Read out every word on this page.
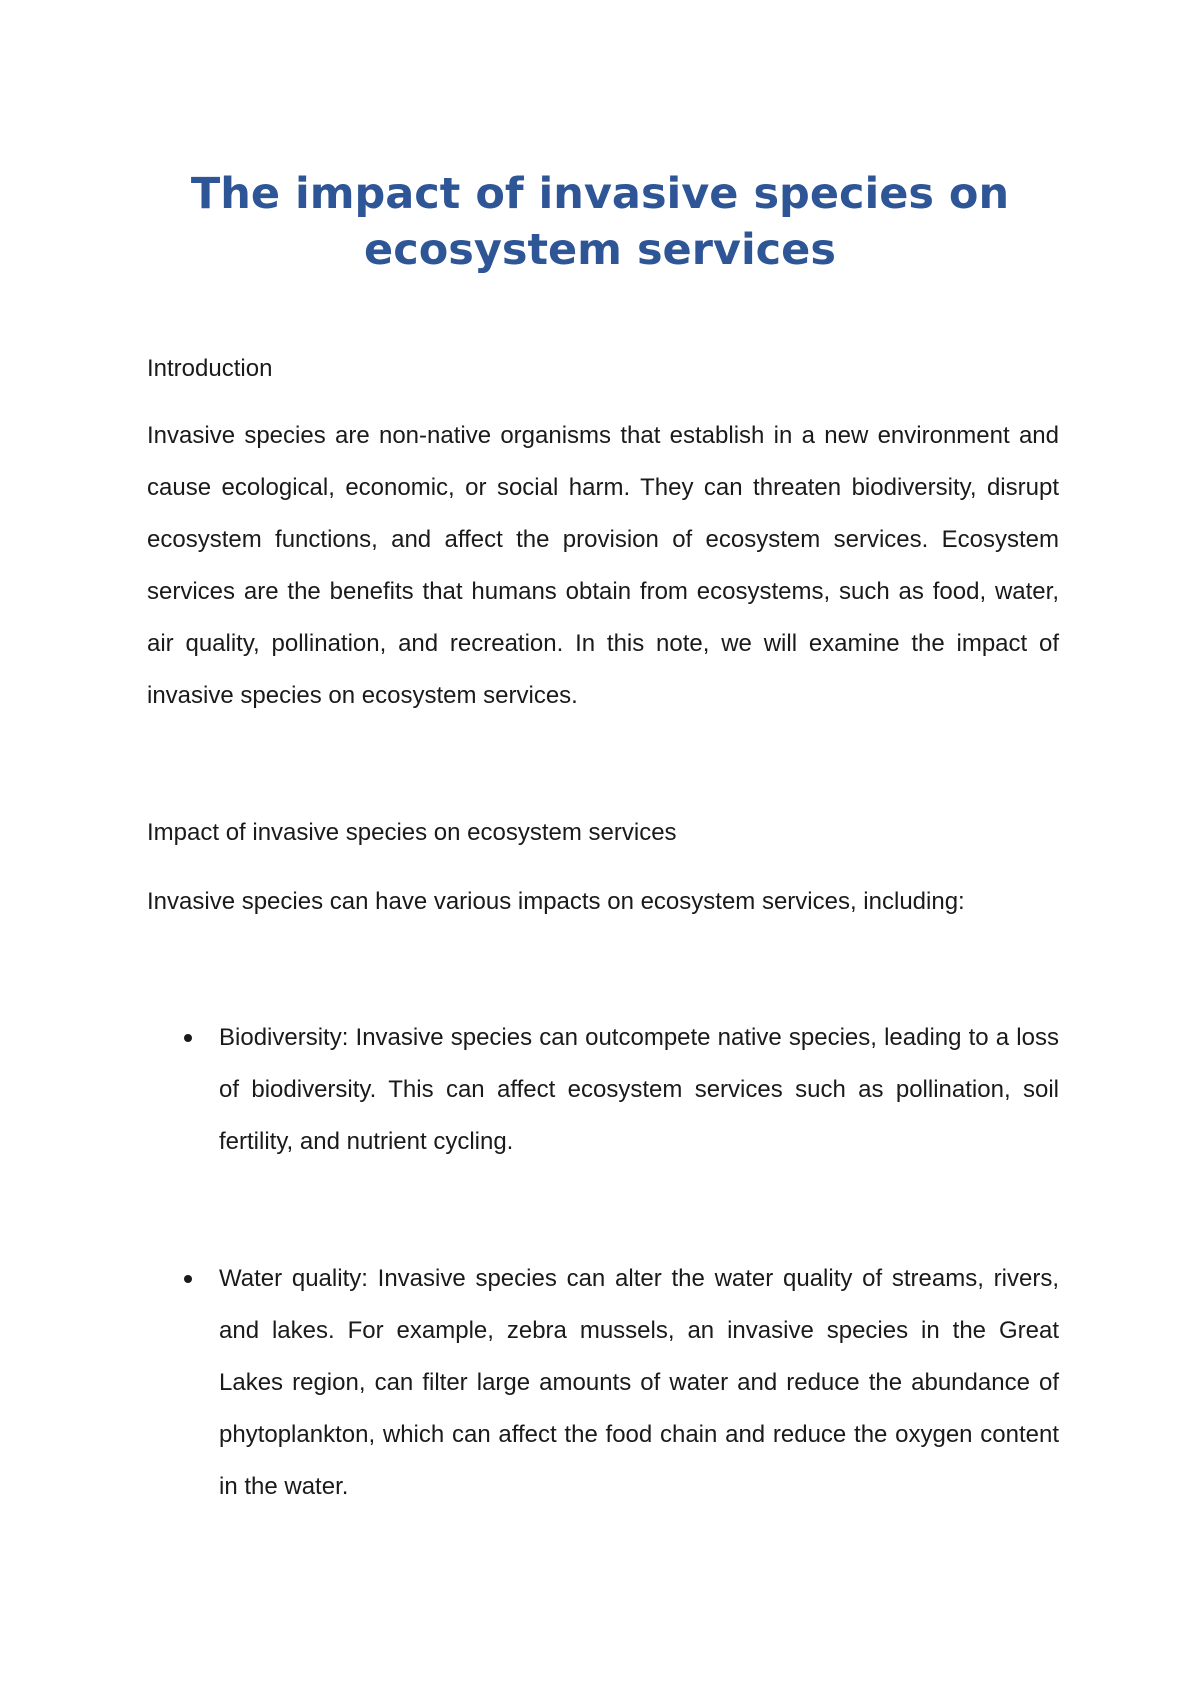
The impact of invasive species on ecosystem services

Introduction

Invasive species are non-native organisms that establish in a new environment and cause ecological, economic, or social harm. They can threaten biodiversity, disrupt ecosystem functions, and affect the provision of ecosystem services. Ecosystem services are the benefits that humans obtain from ecosystems, such as food, water, air quality, pollination, and recreation. In this note, we will examine the impact of invasive species on ecosystem services.

Impact of invasive species on ecosystem services

Invasive species can have various impacts on ecosystem services, including:

Biodiversity: Invasive species can outcompete native species, leading to a loss of biodiversity. This can affect ecosystem services such as pollination, soil fertility, and nutrient cycling.

Water quality: Invasive species can alter the water quality of streams, rivers, and lakes. For example, zebra mussels, an invasive species in the Great Lakes region, can filter large amounts of water and reduce the abundance of phytoplankton, which can affect the food chain and reduce the oxygen content in the water.
